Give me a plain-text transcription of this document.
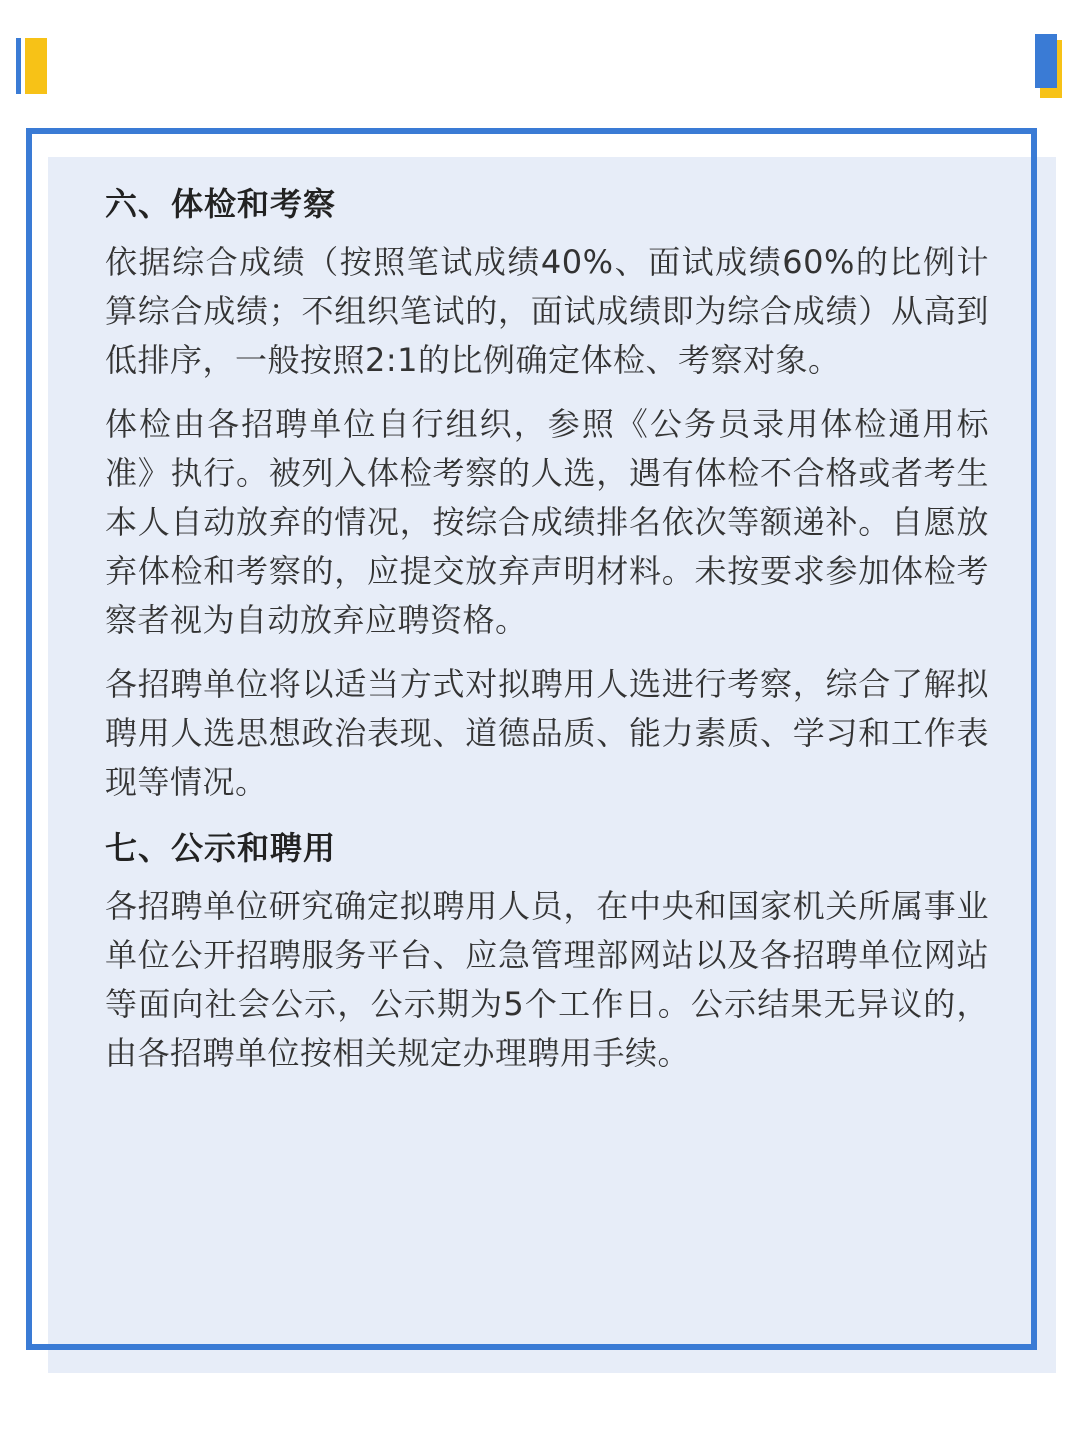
六、体检和考察

依据综合成绩（按照笔试成绩40%、面试成绩60%的比例计算综合成绩；不组织笔试的，面试成绩即为综合成绩）从高到低排序，一般按照2:1的比例确定体检、考察对象。

体检由各招聘单位自行组织，参照《公务员录用体检通用标准》执行。被列入体检考察的人选，遇有体检不合格或者考生本人自动放弃的情况，按综合成绩排名依次等额递补。自愿放弃体检和考察的，应提交放弃声明材料。未按要求参加体检考察者视为自动放弃应聘资格。

各招聘单位将以适当方式对拟聘用人选进行考察，综合了解拟聘用人选思想政治表现、道德品质、能力素质、学习和工作表现等情况。

七、公示和聘用

各招聘单位研究确定拟聘用人员，在中央和国家机关所属事业单位公开招聘服务平台、应急管理部网站以及各招聘单位网站等面向社会公示，公示期为5个工作日。公示结果无异议的，由各招聘单位按相关规定办理聘用手续。
